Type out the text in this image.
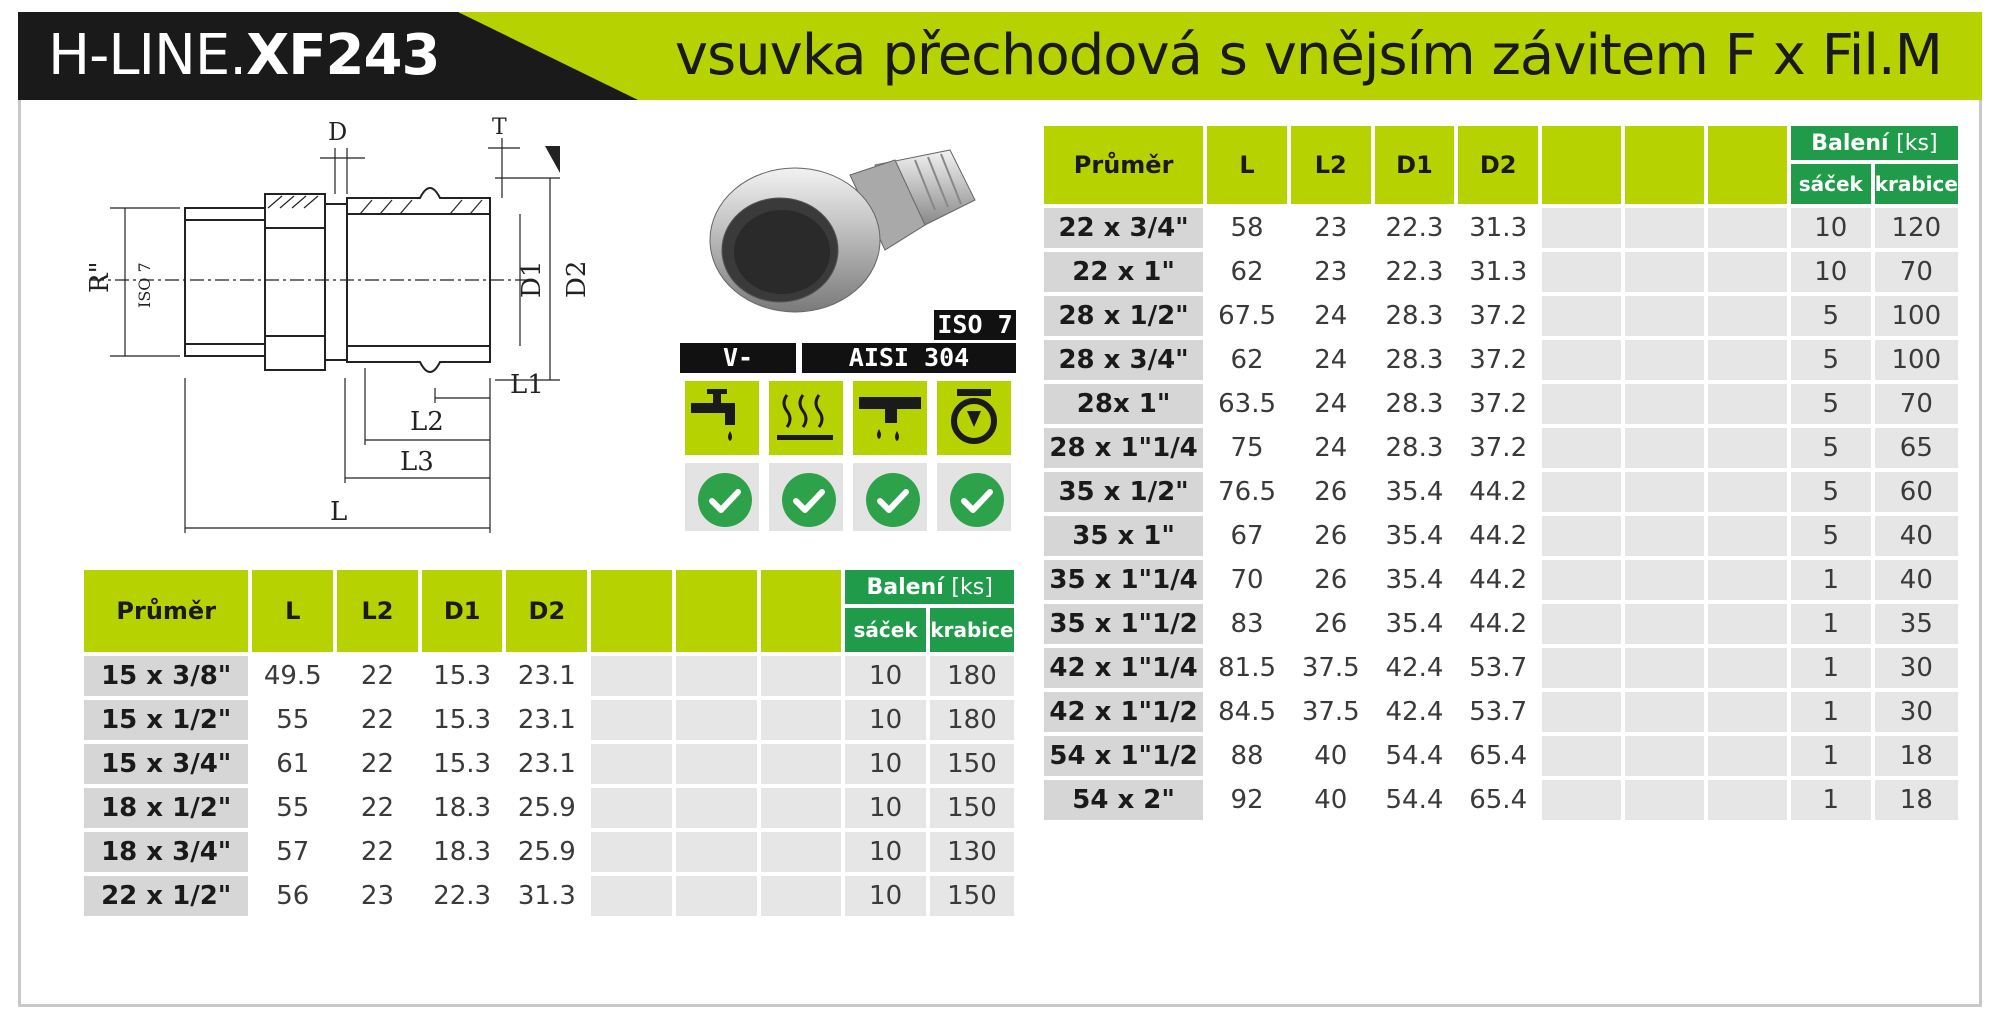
H-LINE.XF243	vsuvka přechodová s vnějsím závitem F x Fil.M
D	T
R" ISO 7	D1 D2
L1
L2
L3
L
ISO 7
V-	AISI 304
Průměr	L	L2	D1	D2				Balení [ks]	
								sáček	krabice
15 x 3/8"	49.5	22	15.3	23.1				10	180
15 x 1/2"	55	22	15.3	23.1				10	180
15 x 3/4"	61	22	15.3	23.1				10	150
18 x 1/2"	55	22	18.3	25.9				10	150
18 x 3/4"	57	22	18.3	25.9				10	130
22 x 1/2"	56	23	22.3	31.3				10	150
Průměr	L	L2	D1	D2				Balení [ks]	
								sáček	krabice
22 x 3/4"	58	23	22.3	31.3				10	120
22 x 1"	62	23	22.3	31.3				10	70
28 x 1/2"	67.5	24	28.3	37.2				5	100
28 x 3/4"	62	24	28.3	37.2				5	100
28x 1"	63.5	24	28.3	37.2				5	70
28 x 1"1/4	75	24	28.3	37.2				5	65
35 x 1/2"	76.5	26	35.4	44.2				5	60
35 x 1"	67	26	35.4	44.2				5	40
35 x 1"1/4	70	26	35.4	44.2				1	40
35 x 1"1/2	83	26	35.4	44.2				1	35
42 x 1"1/4	81.5	37.5	42.4	53.7				1	30
42 x 1"1/2	84.5	37.5	42.4	53.7				1	30
54 x 1"1/2	88	40	54.4	65.4				1	18
54 x 2"	92	40	54.4	65.4				1	18
